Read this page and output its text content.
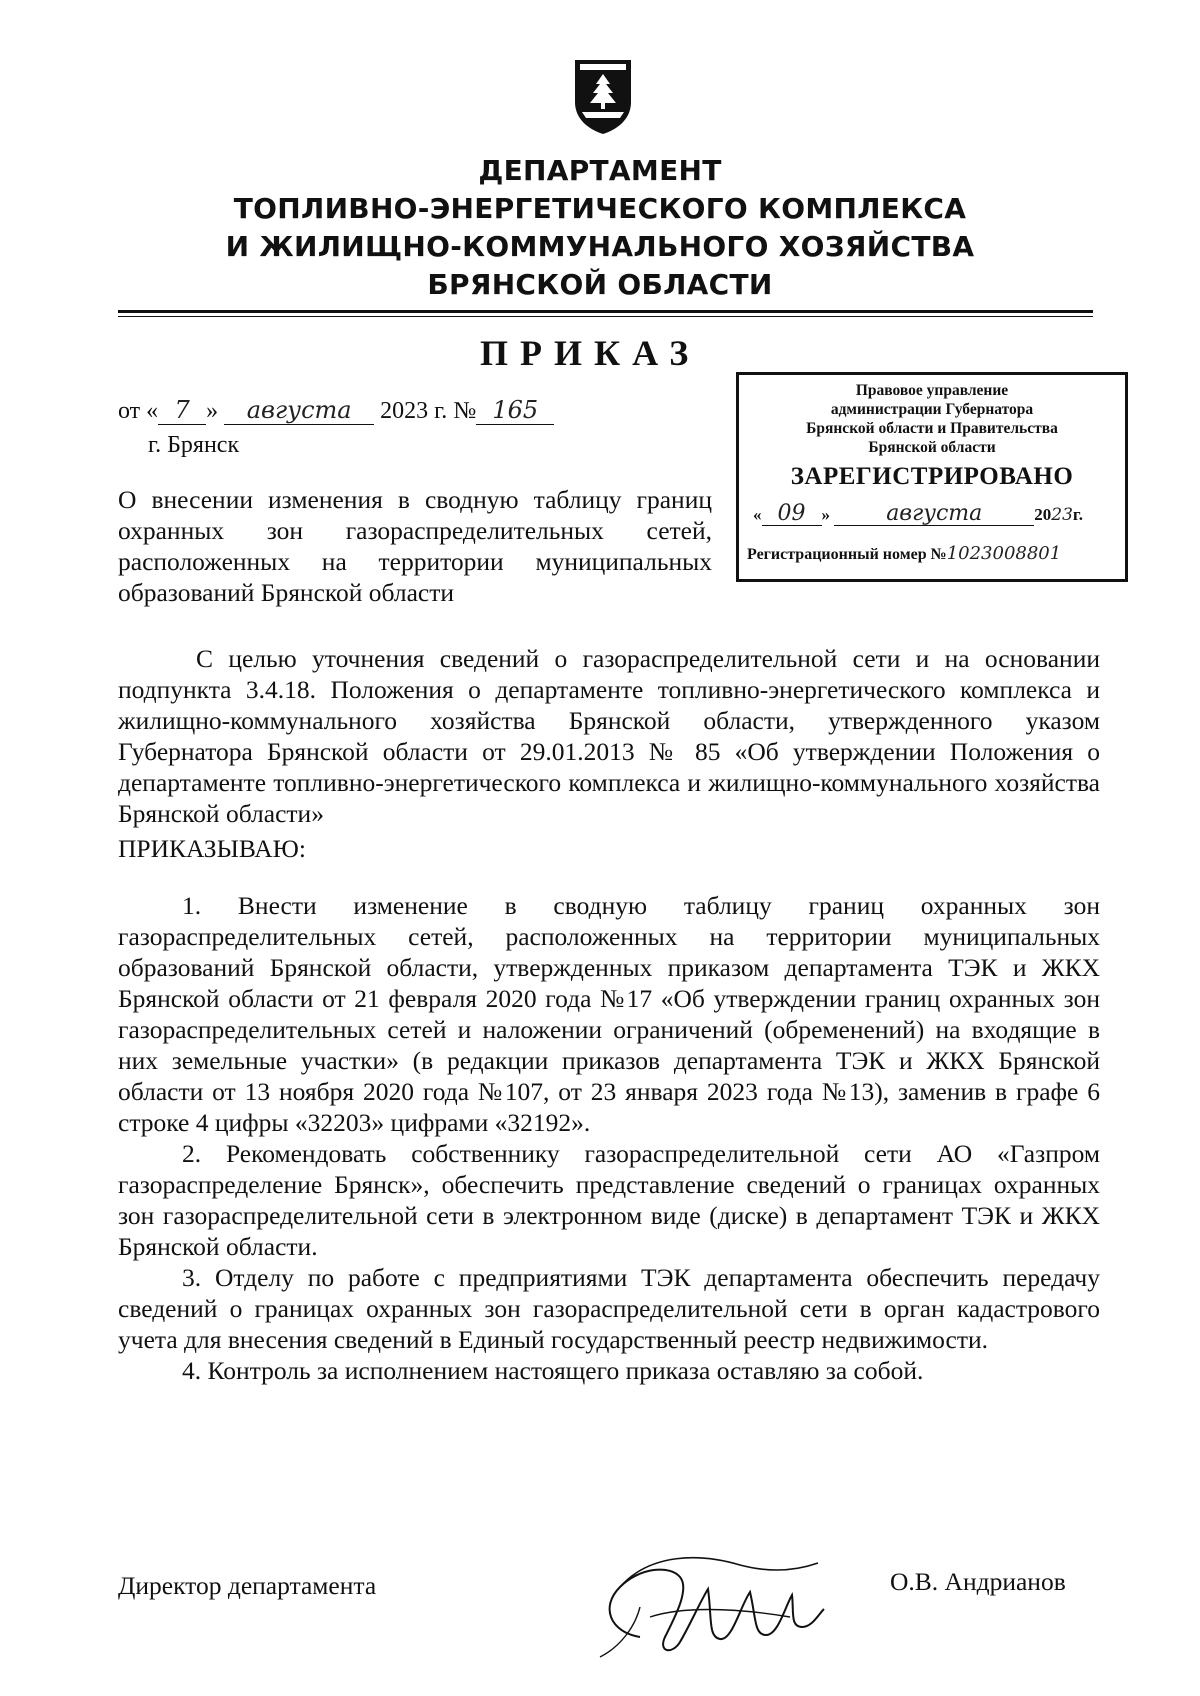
ДЕПАРТАМЕНТ
ТОПЛИВНО-ЭНЕРГЕТИЧЕСКОГО КОМПЛЕКСА
И ЖИЛИЩНО-КОММУНАЛЬНОГО ХОЗЯЙСТВА
БРЯНСКОЙ ОБЛАСТИ
ПРИКАЗ
от « 7 » августа 2023 г. № 165
г. Брянск
О внесении изменения в сводную таблицу границ охранных зон газораспределительных сетей, расположенных на территории муниципальных образований Брянской области
Правовое управление
администрации Губернатора
Брянской области и Правительства
Брянской области
ЗАРЕГИСТРИРОВАНО
« 09 »	августа	2023г.
Регистрационный номер №1023008801

С целью уточнения сведений о газораспределительной сети и на основании подпункта 3.4.18. Положения о департаменте топливно-энергетического комплекса и жилищно-коммунального хозяйства Брянской области, утвержденного указом Губернатора Брянской области от 29.01.2013 № 85 «Об утверждении Положения о департаменте топливно-энергетического комплекса и жилищно-коммунального хозяйства Брянской области»

ПРИКАЗЫВАЮ:

1. Внести изменение в сводную таблицу границ охранных зон газораспределительных сетей, расположенных на территории муниципальных образований Брянской области, утвержденных приказом департамента ТЭК и ЖКХ Брянской области от 21 февраля 2020 года №17 «Об утверждении границ охранных зон газораспределительных сетей и наложении ограничений (обременений) на входящие в них земельные участки» (в редакции приказов департамента ТЭК и ЖКХ Брянской области от 13 ноября 2020 года №107, от 23 января 2023 года №13), заменив в графе 6 строке 4 цифры «32203» цифрами «32192».

2. Рекомендовать собственнику газораспределительной сети АО «Газпром газораспределение Брянск», обеспечить представление сведений о границах охранных зон газораспределительной сети в электронном виде (диске) в департамент ТЭК и ЖКХ Брянской области.

3. Отделу по работе с предприятиями ТЭК департамента обеспечить передачу сведений о границах охранных зон газораспределительной сети в орган кадастрового учета для внесения сведений в Единый государственный реестр недвижимости.

4. Контроль за исполнением настоящего приказа оставляю за собой.

Директор департамента	О.В. Андрианов
